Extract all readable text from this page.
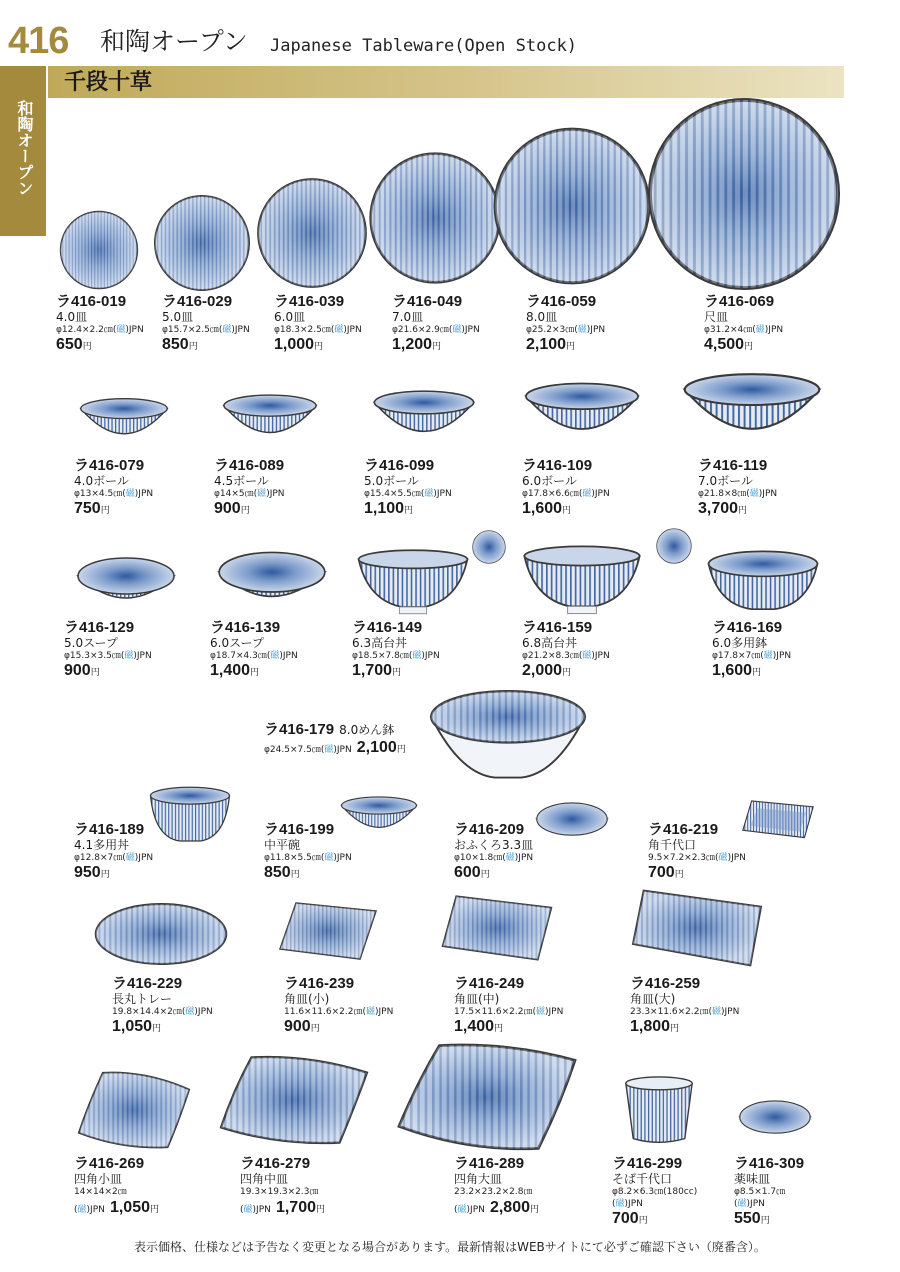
416 和陶オープン Japanese Tableware(Open Stock)
和陶オープン
千段十草
ラ416-019
4.0皿
φ12.4×2.2㎝(磁)JPN
650円
ラ416-029
5.0皿
φ15.7×2.5㎝(磁)JPN
850円
ラ416-039
6.0皿
φ18.3×2.5㎝(磁)JPN
1,000円
ラ416-049
7.0皿
φ21.6×2.9㎝(磁)JPN
1,200円
ラ416-059
8.0皿
φ25.2×3㎝(磁)JPN
2,100円
ラ416-069
尺皿
φ31.2×4㎝(磁)JPN
4,500円
ラ416-079
4.0ボール
φ13×4.5㎝(磁)JPN
750円
ラ416-089
4.5ボール
φ14×5㎝(磁)JPN
900円
ラ416-099
5.0ボール
φ15.4×5.5㎝(磁)JPN
1,100円
ラ416-109
6.0ボール
φ17.8×6.6㎝(磁)JPN
1,600円
ラ416-119
7.0ボール
φ21.8×8㎝(磁)JPN
3,700円
ラ416-129
5.0スープ
φ15.3×3.5㎝(磁)JPN
900円
ラ416-139
6.0スープ
φ18.7×4.3㎝(磁)JPN
1,400円
ラ416-149
6.3高台丼
φ18.5×7.8㎝(磁)JPN
1,700円
ラ416-159
6.8高台丼
φ21.2×8.3㎝(磁)JPN
2,000円
ラ416-169
6.0多用鉢
φ17.8×7㎝(磁)JPN
1,600円
ラ416-179 8.0めん鉢
φ24.5×7.5㎝(磁)JPN 2,100円
ラ416-189
4.1多用丼
φ12.8×7㎝(磁)JPN
950円
ラ416-199
中平碗
φ11.8×5.5㎝(磁)JPN
850円
ラ416-209
おふくろ3.3皿
φ10×1.8㎝(磁)JPN
600円
ラ416-219
角千代口
9.5×7.2×2.3㎝(磁)JPN
700円
ラ416-229
長丸トレー
19.8×14.4×2㎝(磁)JPN
1,050円
ラ416-239
角皿(小)
11.6×11.6×2.2㎝(磁)JPN
900円
ラ416-249
角皿(中)
17.5×11.6×2.2㎝(磁)JPN
1,400円
ラ416-259
角皿(大)
23.3×11.6×2.2㎝(磁)JPN
1,800円
ラ416-269
四角小皿
14×14×2㎝
(磁)JPN 1,050円
ラ416-279
四角中皿
19.3×19.3×2.3㎝
(磁)JPN 1,700円
ラ416-289
四角大皿
23.2×23.2×2.8㎝
(磁)JPN 2,800円
ラ416-299
そば千代口
φ8.2×6.3㎝(180cc)
(磁)JPN
700円
ラ416-309
薬味皿
φ8.5×1.7㎝
(磁)JPN
550円
表示価格、仕様などは予告なく変更となる場合があります。最新情報はWEBサイトにて必ずご確認下さい（廃番含）。
